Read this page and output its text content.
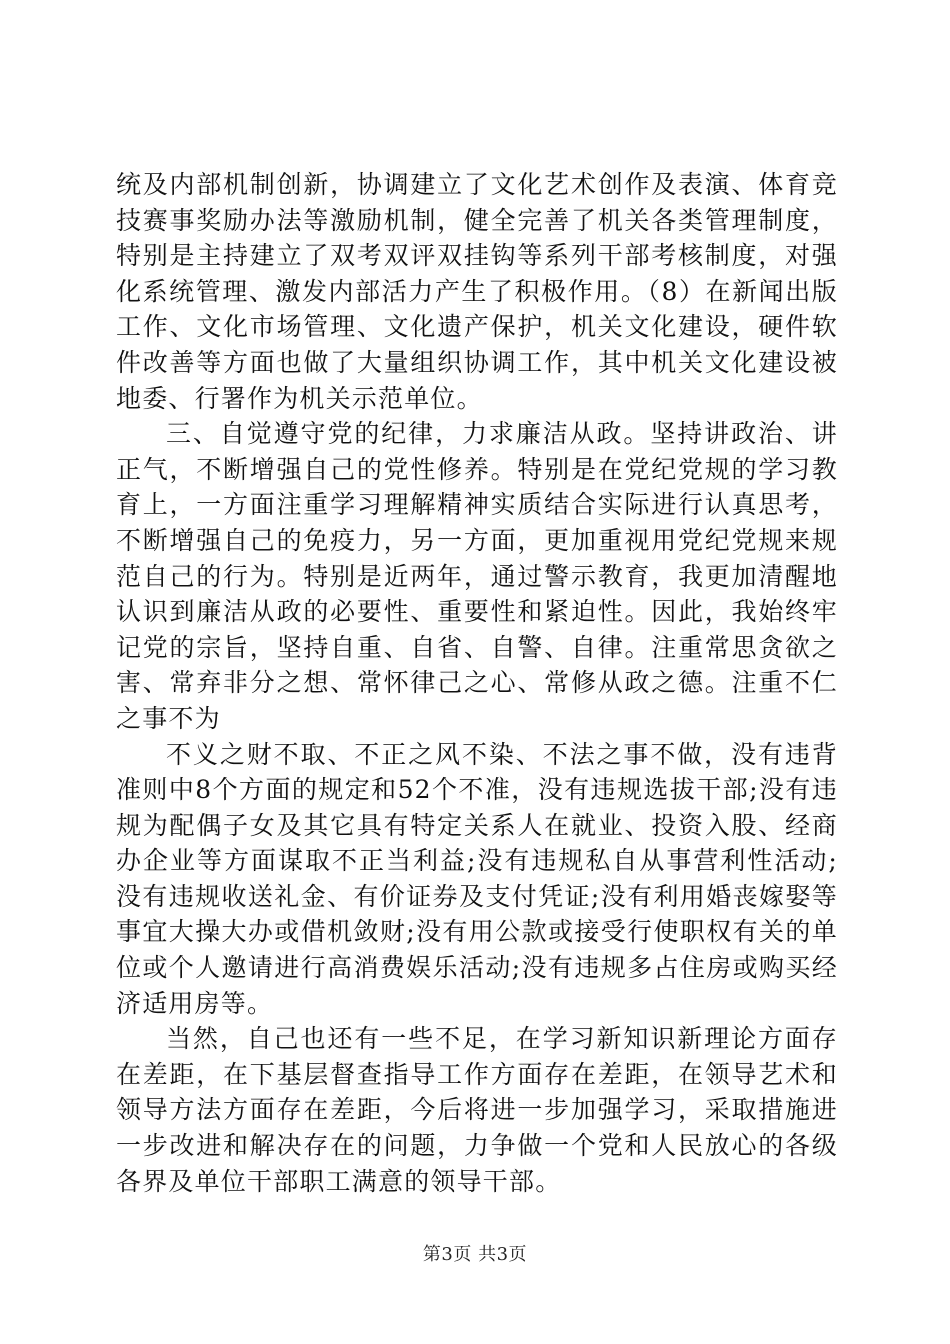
统及内部机制创新，协调建立了文化艺术创作及表演、体育竞技赛事奖励办法等激励机制，健全完善了机关各类管理制度，特别是主持建立了双考双评双挂钩等系列干部考核制度，对强化系统管理、激发内部活力产生了积极作用。（8）在新闻出版工作、文化市场管理、文化遗产保护，机关文化建设，硬件软件改善等方面也做了大量组织协调工作，其中机关文化建设被地委、行署作为机关示范单位。

三、自觉遵守党的纪律，力求廉洁从政。坚持讲政治、讲正气，不断增强自己的党性修养。特别是在党纪党规的学习教育上，一方面注重学习理解精神实质结合实际进行认真思考，不断增强自己的免疫力，另一方面，更加重视用党纪党规来规范自己的行为。特别是近两年，通过警示教育，我更加清醒地认识到廉洁从政的必要性、重要性和紧迫性。因此，我始终牢记党的宗旨，坚持自重、自省、自警、自律。注重常思贪欲之害、常弃非分之想、常怀律己之心、常修从政之德。注重不仁之事不为

不义之财不取、不正之风不染、不法之事不做，没有违背准则中8个方面的规定和52个不准，没有违规选拔干部;没有违规为配偶子女及其它具有特定关系人在就业、投资入股、经商办企业等方面谋取不正当利益;没有违规私自从事营利性活动;没有违规收送礼金、有价证券及支付凭证;没有利用婚丧嫁娶等事宜大操大办或借机敛财;没有用公款或接受行使职权有关的单位或个人邀请进行高消费娱乐活动;没有违规多占住房或购买经济适用房等。

当然，自己也还有一些不足，在学习新知识新理论方面存在差距，在下基层督查指导工作方面存在差距，在领导艺术和领导方法方面存在差距，今后将进一步加强学习，采取措施进一步改进和解决存在的问题，力争做一个党和人民放心的各级各界及单位干部职工满意的领导干部。

第3页 共3页
